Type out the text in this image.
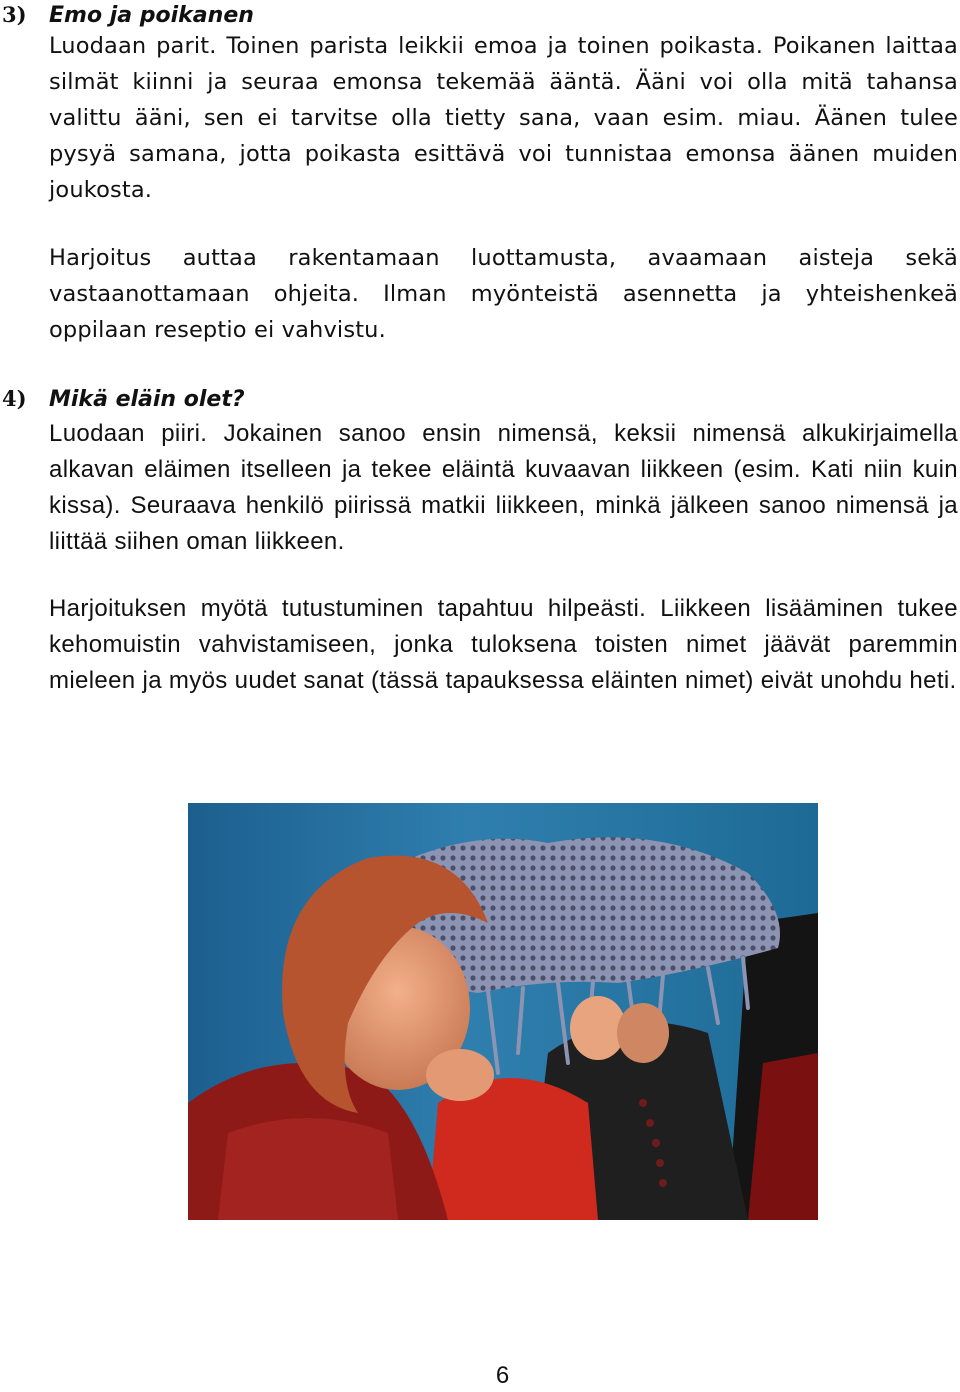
3)	Emo ja poikanen

Luodaan parit. Toinen parista leikkii emoa ja toinen poikasta. Poikanen laittaa silmät kiinni ja seuraa emonsa tekemää ääntä. Ääni voi olla mitä tahansa valittu ääni, sen ei tarvitse olla tietty sana, vaan esim. miau. Äänen tulee pysyä samana, jotta poikasta esittävä voi tunnistaa emonsa äänen muiden joukosta.

Harjoitus auttaa rakentamaan luottamusta, avaamaan aisteja sekä vastaanottamaan ohjeita. Ilman myönteistä asennetta ja yhteishenkeä oppilaan reseptio ei vahvistu.

4)	Mikä eläin olet?

Luodaan piiri. Jokainen sanoo ensin nimensä, keksii nimensä alkukirjaimella alkavan eläimen itselleen ja tekee eläintä kuvaavan liikkeen (esim. Kati niin kuin kissa). Seuraava henkilö piirissä matkii liikkeen, minkä jälkeen sanoo nimensä ja liittää siihen oman liikkeen.

Harjoituksen myötä tutustuminen tapahtuu hilpeästi. Liikkeen lisääminen tukee kehomuistin vahvistamiseen, jonka tuloksena toisten nimet jäävät paremmin mieleen ja myös uudet sanat (tässä tapauksessa eläinten nimet) eivät unohdu heti.

6
